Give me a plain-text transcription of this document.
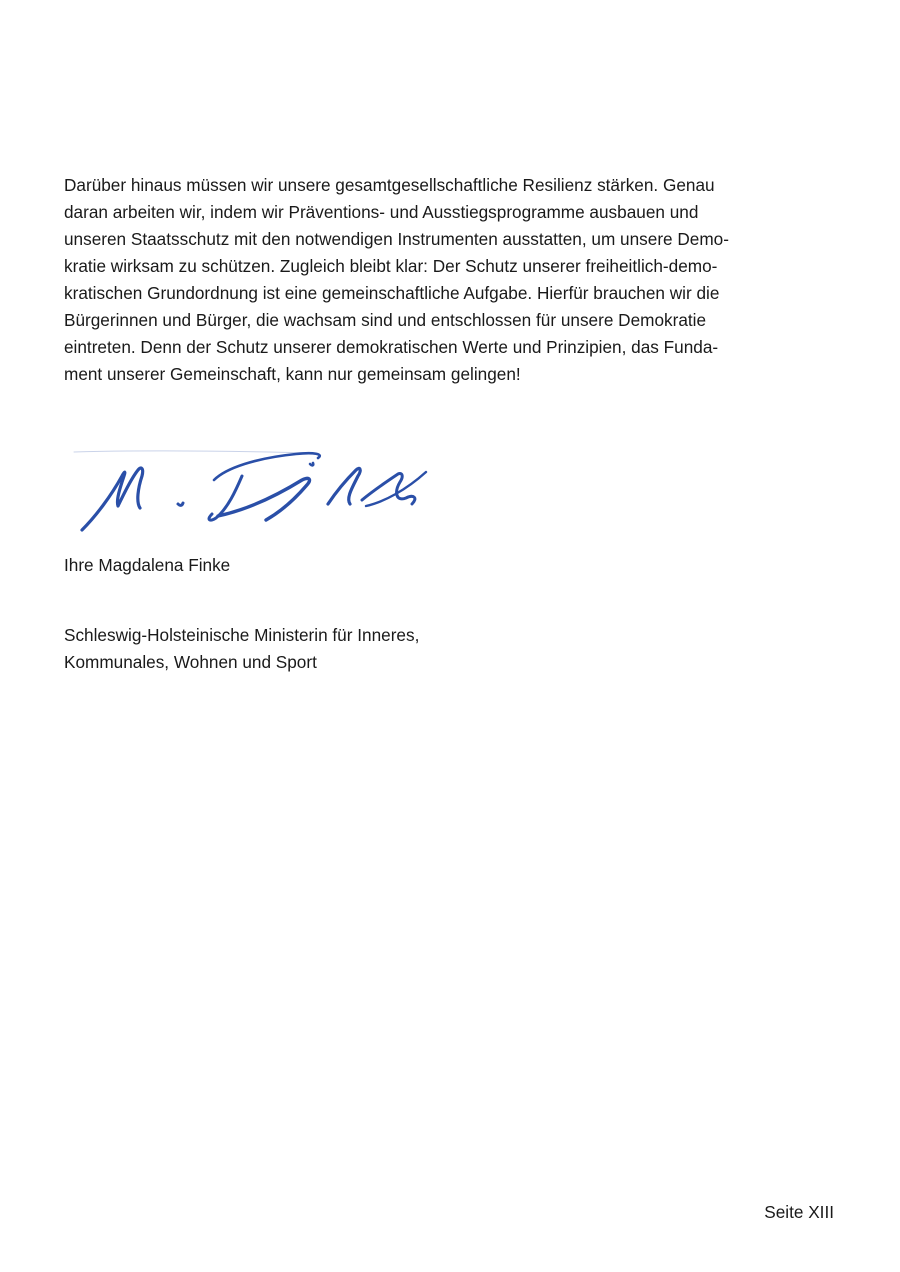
Darüber hinaus müssen wir unsere gesamtgesellschaftliche Resilienz stärken. Genau
daran arbeiten wir, indem wir Präventions- und Ausstiegsprogramme ausbauen und
unseren Staatsschutz mit den notwendigen Instrumenten ausstatten, um unsere Demo-
kratie wirksam zu schützen. Zugleich bleibt klar: Der Schutz unserer freiheitlich-demo-
kratischen Grundordnung ist eine gemeinschaftliche Aufgabe. Hierfür brauchen wir die
Bürgerinnen und Bürger, die wachsam sind und entschlossen für unsere Demokratie
eintreten. Denn der Schutz unserer demokratischen Werte und Prinzipien, das Funda-
ment unserer Gemeinschaft, kann nur gemeinsam gelingen!
Ihre Magdalena Finke
Schleswig-Holsteinische Ministerin für Inneres,
Kommunales, Wohnen und Sport
Seite XIII
